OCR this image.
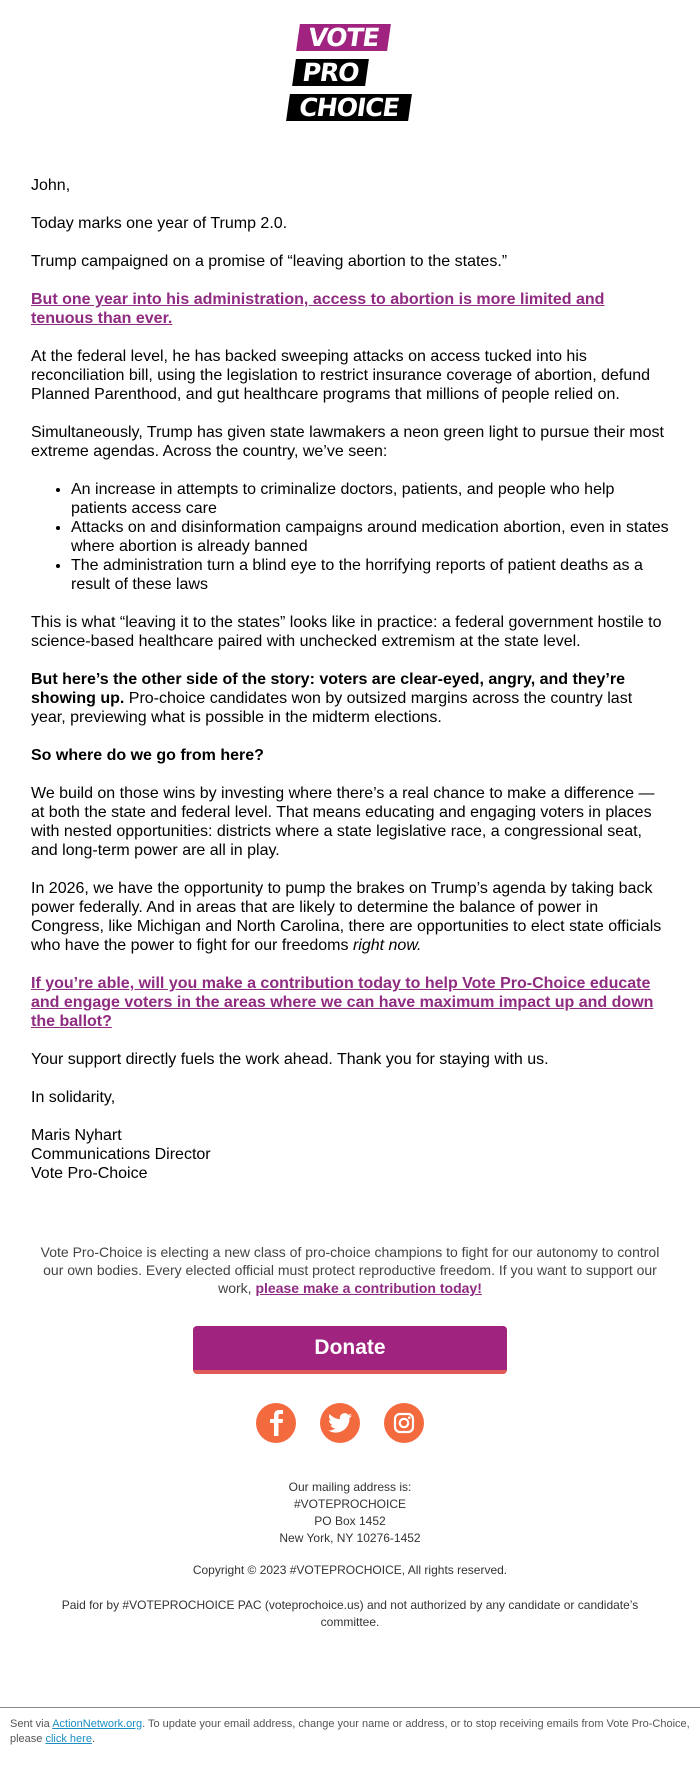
VOTE
PRO
CHOICE

John,

Today marks one year of Trump 2.0.

Trump campaigned on a promise of “leaving abortion to the states.”

But one year into his administration, access to abortion is more limited and tenuous than ever.

At the federal level, he has backed sweeping attacks on access tucked into his reconciliation bill, using the legislation to restrict insurance coverage of abortion, defund Planned Parenthood, and gut healthcare programs that millions of people relied on.

Simultaneously, Trump has given state lawmakers a neon green light to pursue their most extreme agendas. Across the country, we’ve seen:

• An increase in attempts to criminalize doctors, patients, and people who help patients access care
• Attacks on and disinformation campaigns around medication abortion, even in states where abortion is already banned
• The administration turn a blind eye to the horrifying reports of patient deaths as a result of these laws

This is what “leaving it to the states” looks like in practice: a federal government hostile to science-based healthcare paired with unchecked extremism at the state level.

But here’s the other side of the story: voters are clear-eyed, angry, and they’re showing up. Pro-choice candidates won by outsized margins across the country last year, previewing what is possible in the midterm elections.

So where do we go from here?

We build on those wins by investing where there’s a real chance to make a difference — at both the state and federal level. That means educating and engaging voters in places with nested opportunities: districts where a state legislative race, a congressional seat, and long-term power are all in play.

In 2026, we have the opportunity to pump the brakes on Trump’s agenda by taking back power federally. And in areas that are likely to determine the balance of power in Congress, like Michigan and North Carolina, there are opportunities to elect state officials who have the power to fight for our freedoms right now.

If you’re able, will you make a contribution today to help Vote Pro-Choice educate and engage voters in the areas where we can have maximum impact up and down the ballot?

Your support directly fuels the work ahead. Thank you for staying with us.

In solidarity,

Maris Nyhart
Communications Director
Vote Pro-Choice

Vote Pro-Choice is electing a new class of pro-choice champions to fight for our autonomy to control our own bodies. Every elected official must protect reproductive freedom. If you want to support our work, please make a contribution today!
Donate
Our mailing address is:
#VOTEPROCHOICE
PO Box 1452
New York, NY 10276-1452
Copyright © 2023 #VOTEPROCHOICE, All rights reserved.
Paid for by #VOTEPROCHOICE PAC (voteprochoice.us) and not authorized by any candidate or candidate’s committee.
Sent via ActionNetwork.org. To update your email address, change your name or address, or to stop receiving emails from Vote Pro-Choice, please click here.
